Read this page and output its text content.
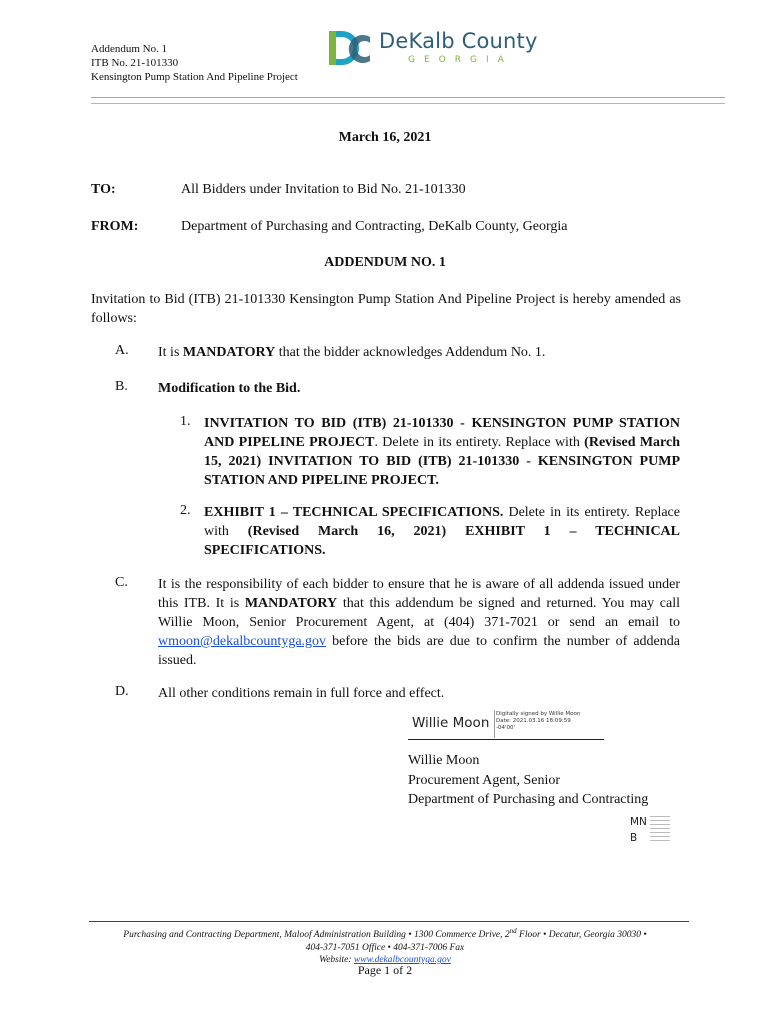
Addendum No. 1
ITB No. 21-101330
Kensington Pump Station And Pipeline Project
DeKalb County
GEORGIA
March 16, 2021
TO:	All Bidders under Invitation to Bid No. 21-101330
FROM:	Department of Purchasing and Contracting, DeKalb County, Georgia
ADDENDUM NO. 1
Invitation to Bid (ITB) 21-101330 Kensington Pump Station And Pipeline Project is hereby amended as follows:
A. It is MANDATORY that the bidder acknowledges Addendum No. 1.
B. Modification to the Bid.
1. INVITATION TO BID (ITB) 21-101330 - KENSINGTON PUMP STATION AND PIPELINE PROJECT. Delete in its entirety. Replace with (Revised March 15, 2021) INVITATION TO BID (ITB) 21-101330 - KENSINGTON PUMP STATION AND PIPELINE PROJECT.
2. EXHIBIT 1 – TECHNICAL SPECIFICATIONS. Delete in its entirety. Replace with (Revised March 16, 2021) EXHIBIT 1 – TECHNICAL SPECIFICATIONS.
C. It is the responsibility of each bidder to ensure that he is aware of all addenda issued under this ITB. It is MANDATORY that this addendum be signed and returned. You may call Willie Moon, Senior Procurement Agent, at (404) 371-7021 or send an email to wmoon@dekalbcountyga.gov before the bids are due to confirm the number of addenda issued.
D. All other conditions remain in full force and effect.
Willie Moon
Digitally signed by Willie Moon
Date: 2021.03.16 18:09:59
-04'00'
Willie Moon
Procurement Agent, Senior
Department of Purchasing and Contracting
MN
B
Purchasing and Contracting Department, Maloof Administration Building • 1300 Commerce Drive, 2nd Floor • Decatur, Georgia 30030 •
404-371-7051 Office • 404-371-7006 Fax
Website: www.dekalbcountyga.gov
Page 1 of 2
